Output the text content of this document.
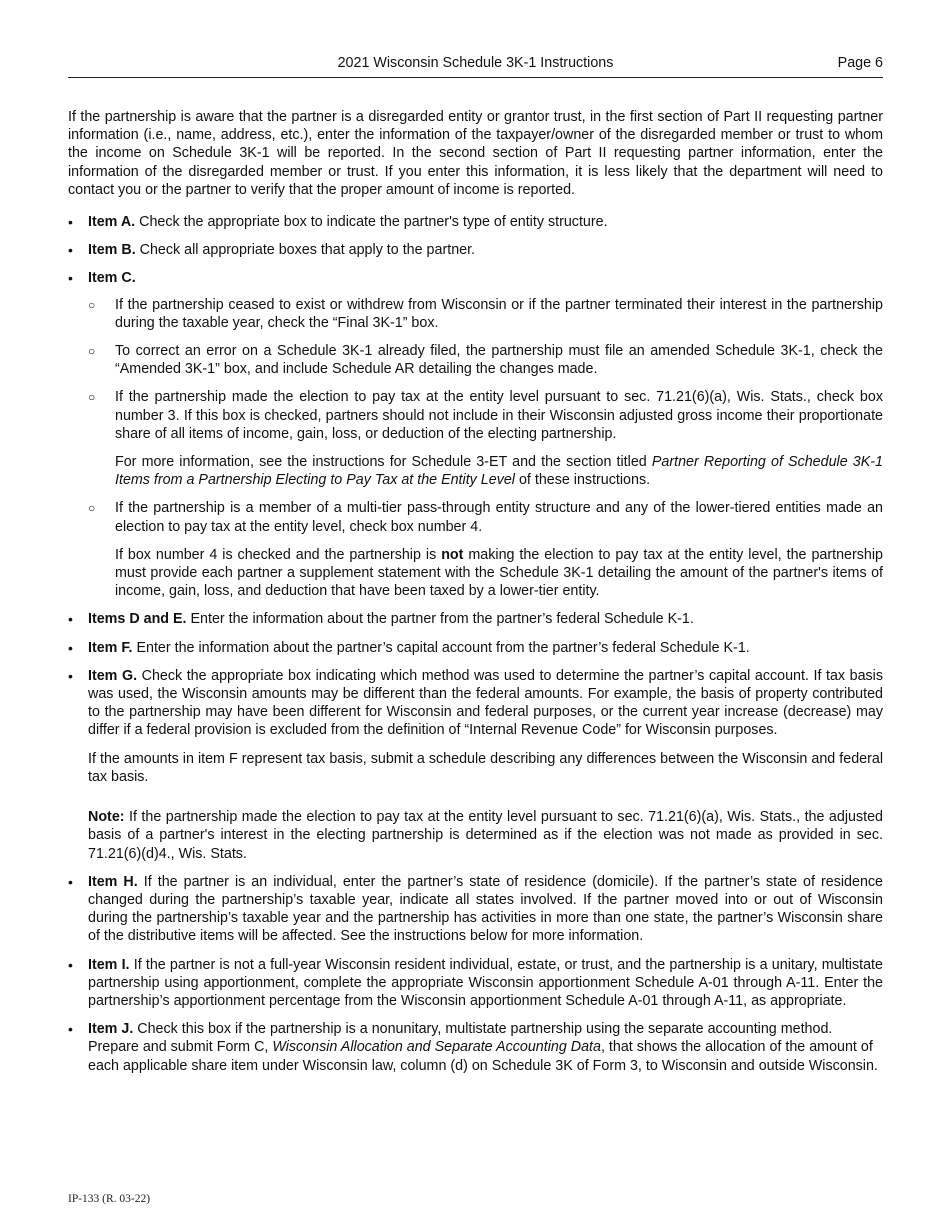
2021 Wisconsin Schedule 3K-1 Instructions	Page 6

If the partnership is aware that the partner is a disregarded entity or grantor trust, in the first section of Part II requesting partner information (i.e., name, address, etc.), enter the information of the taxpayer/owner of the disregarded member or trust to whom the income on Schedule 3K-1 will be reported. In the second section of Part II requesting partner information, enter the information of the disregarded member or trust. If you enter this information, it is less likely that the department will need to contact you or the partner to verify that the proper amount of income is reported.

• Item A. Check the appropriate box to indicate the partner's type of entity structure.
• Item B. Check all appropriate boxes that apply to the partner.
• Item C.
○ If the partnership ceased to exist or withdrew from Wisconsin or if the partner terminated their interest in the partnership during the taxable year, check the “Final 3K-1” box.

○ To correct an error on a Schedule 3K-1 already filed, the partnership must file an amended Schedule 3K-1, check the “Amended 3K-1” box, and include Schedule AR detailing the changes made.

○ If the partnership made the election to pay tax at the entity level pursuant to sec. 71.21(6)(a), Wis. Stats., check box number 3. If this box is checked, partners should not include in their Wisconsin adjusted gross income their proportionate share of all items of income, gain, loss, or deduction of the electing partnership.

For more information, see the instructions for Schedule 3-ET and the section titled Partner Reporting of Schedule 3K-1 Items from a Partnership Electing to Pay Tax at the Entity Level of these instructions.

○ If the partnership is a member of a multi-tier pass-through entity structure and any of the lower-tiered entities made an election to pay tax at the entity level, check box number 4.

If box number 4 is checked and the partnership is not making the election to pay tax at the entity level, the partnership must provide each partner a supplement statement with the Schedule 3K-1 detailing the amount of the partner's items of income, gain, loss, and deduction that have been taxed by a lower-tier entity.

• Items D and E. Enter the information about the partner from the partner’s federal Schedule K-1.
• Item F. Enter the information about the partner’s capital account from the partner’s federal Schedule K-1.
• Item G. Check the appropriate box indicating which method was used to determine the partner’s capital account. If tax basis was used, the Wisconsin amounts may be different than the federal amounts. For example, the basis of property contributed to the partnership may have been different for Wisconsin and federal purposes, or the current year increase (decrease) may differ if a federal provision is excluded from the definition of “Internal Revenue Code” for Wisconsin purposes.

If the amounts in item F represent tax basis, submit a schedule describing any differences between the Wisconsin and federal tax basis.

Note: If the partnership made the election to pay tax at the entity level pursuant to sec. 71.21(6)(a), Wis. Stats., the adjusted basis of a partner's interest in the electing partnership is determined as if the election was not made as provided in sec. 71.21(6)(d)4., Wis. Stats.

• Item H. If the partner is an individual, enter the partner’s state of residence (domicile). If the partner’s state of residence changed during the partnership’s taxable year, indicate all states involved. If the partner moved into or out of Wisconsin during the partnership’s taxable year and the partnership has activities in more than one state, the partner’s Wisconsin share of the distributive items will be affected. See the instructions below for more information.

• Item I. If the partner is not a full-year Wisconsin resident individual, estate, or trust, and the partnership is a unitary, multistate partnership using apportionment, complete the appropriate Wisconsin apportionment Schedule A-01 through A-11. Enter the partnership’s apportionment percentage from the Wisconsin apportionment Schedule A-01 through A-11, as appropriate.

• Item J. Check this box if the partnership is a nonunitary, multistate partnership using the separate accounting method. Prepare and submit Form C, Wisconsin Allocation and Separate Accounting Data, that shows the allocation of the amount of each applicable share item under Wisconsin law, column (d) on Schedule 3K of Form 3, to Wisconsin and outside Wisconsin.

IP-133 (R. 03-22)
